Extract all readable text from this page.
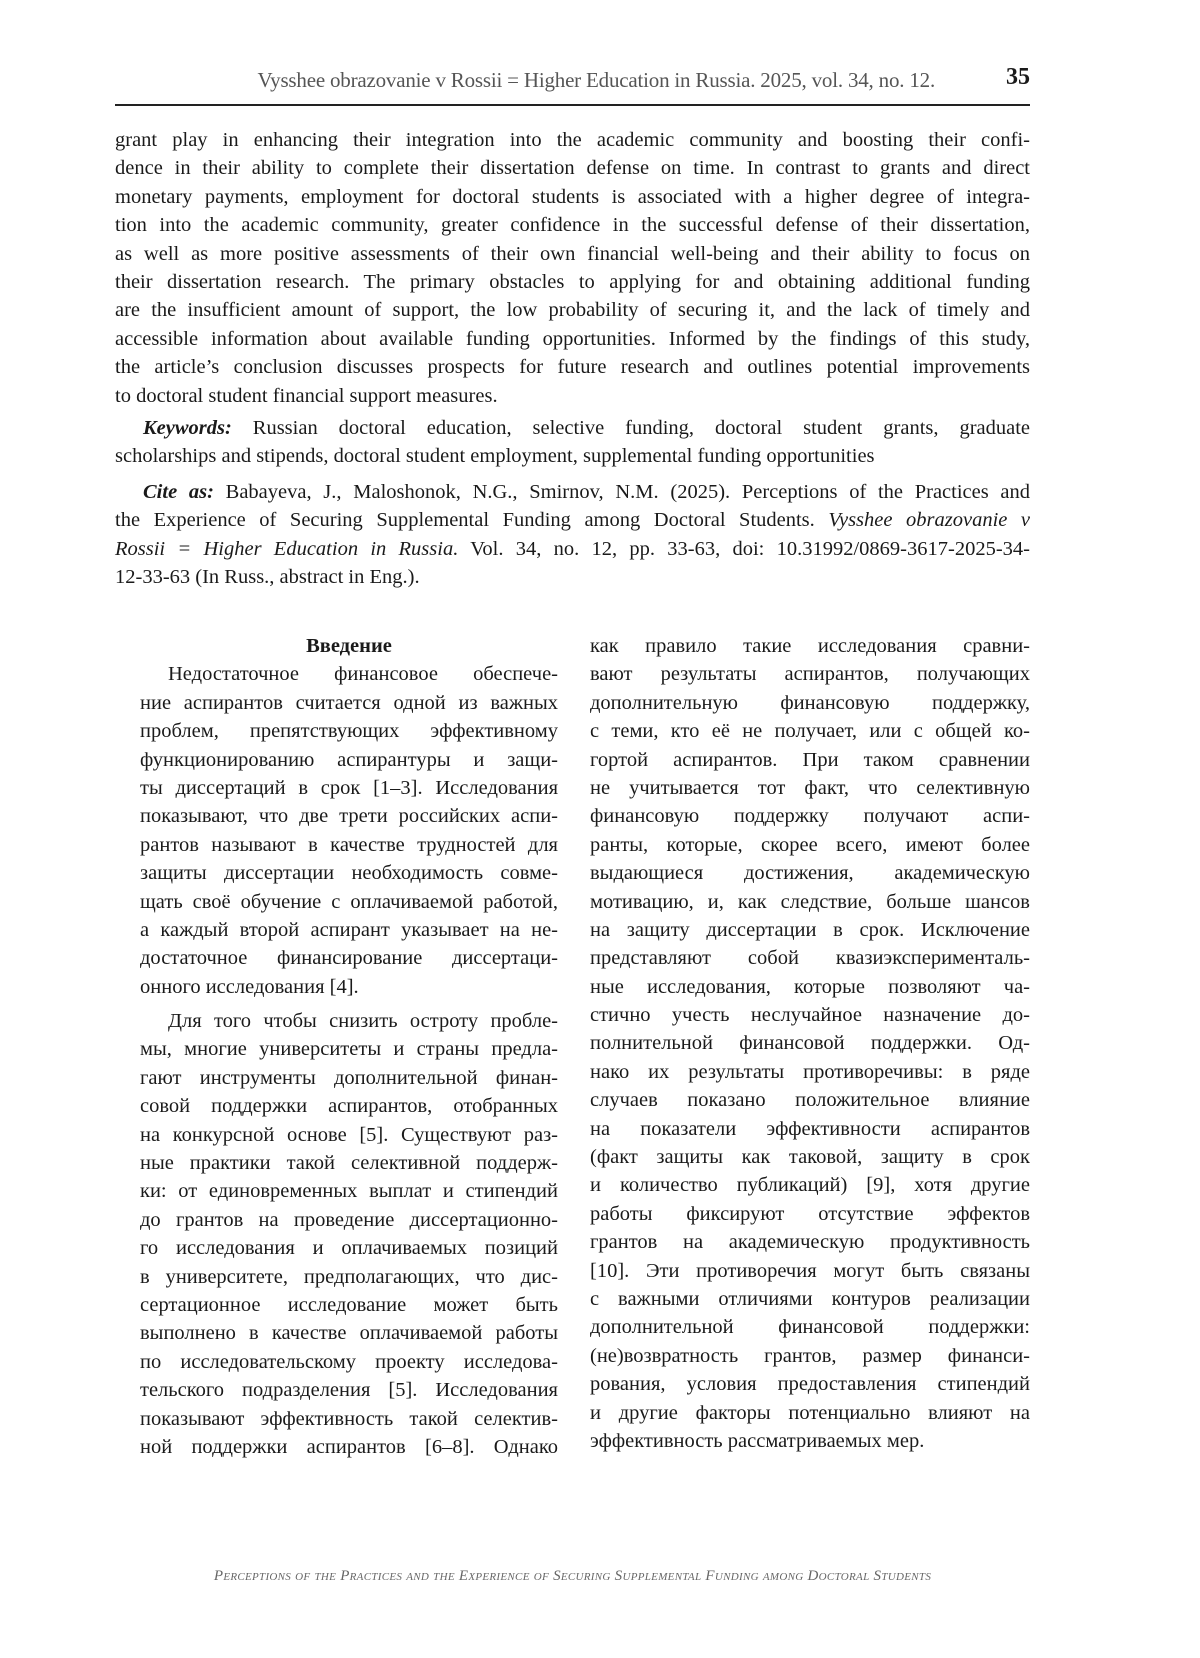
Vysshee obrazovanie v Rossii = Higher Education in Russia. 2025, vol. 34, no. 12.	35
grant play in enhancing their integration into the academic community and boosting their confi-
dence in their ability to complete their dissertation defense on time. In contrast to grants and direct
monetary payments, employment for doctoral students is associated with a higher degree of integra-
tion into the academic community, greater confidence in the successful defense of their dissertation,
as well as more positive assessments of their own financial well-being and their ability to focus on
their dissertation research. The primary obstacles to applying for and obtaining additional funding
are the insufficient amount of support, the low probability of securing it, and the lack of timely and
accessible information about available funding opportunities. Informed by the findings of this study,
the article’s conclusion discusses prospects for future research and outlines potential improvements
to doctoral student financial support measures.
Keywords: Russian doctoral education, selective funding, doctoral student grants, graduate
scholarships and stipends, doctoral student employment, supplemental funding opportunities
Cite as: Babayeva, J., Maloshonok, N.G., Smirnov, N.M. (2025). Perceptions of the Practices and
the Experience of Securing Supplemental Funding among Doctoral Students. Vysshee obrazovanie v
Rossii = Higher Education in Russia. Vol. 34, no. 12, pp. 33-63, doi: 10.31992/0869-3617-2025-34-
12-33-63 (In Russ., abstract in Eng.).
Введение
Недостаточное финансовое обеспече-
ние аспирантов считается одной из важных
проблем, препятствующих эффективному
функционированию аспирантуры и защи-
ты диссертаций в срок [1–3]. Исследования
показывают, что две трети российских аспи-
рантов называют в качестве трудностей для
защиты диссертации необходимость совме-
щать своё обучение с оплачиваемой работой,
а каждый второй аспирант указывает на не-
достаточное финансирование диссертаци-
онного исследования [4].
Для того чтобы снизить остроту пробле-
мы, многие университеты и страны предла-
гают инструменты дополнительной финан-
совой поддержки аспирантов, отобранных
на конкурсной основе [5]. Существуют раз-
ные практики такой селективной поддерж-
ки: от единовременных выплат и стипендий
до грантов на проведение диссертационно-
го исследования и оплачиваемых позиций
в университете, предполагающих, что дис-
сертационное исследование может быть
выполнено в качестве оплачиваемой работы
по исследовательскому проекту исследова-
тельского подразделения [5]. Исследования
показывают эффективность такой селектив-
ной поддержки аспирантов [6–8]. Однако
как правило такие исследования сравни-
вают результаты аспирантов, получающих
дополнительную финансовую поддержку,
с теми, кто её не получает, или с общей ко-
гортой аспирантов. При таком сравнении
не учитывается тот факт, что селективную
финансовую поддержку получают аспи-
ранты, которые, скорее всего, имеют более
выдающиеся достижения, академическую
мотивацию, и, как следствие, больше шансов
на защиту диссертации в срок. Исключение
представляют собой квазиэксперименталь-
ные исследования, которые позволяют ча-
стично учесть неслучайное назначение до-
полнительной финансовой поддержки. Од-
нако их результаты противоречивы: в ряде
случаев показано положительное влияние
на показатели эффективности аспирантов
(факт защиты как таковой, защиту в срок
и количество публикаций) [9], хотя другие
работы фиксируют отсутствие эффектов
грантов на академическую продуктивность
[10]. Эти противоречия могут быть связаны
с важными отличиями контуров реализации
дополнительной финансовой поддержки:
(не)возвратность грантов, размер финанси-
рования, условия предоставления стипендий
и другие факторы потенциально влияют на
эффективность рассматриваемых мер.
Perceptions of the Practices and the Experience of Securing Supplemental Funding among Doctoral Students
